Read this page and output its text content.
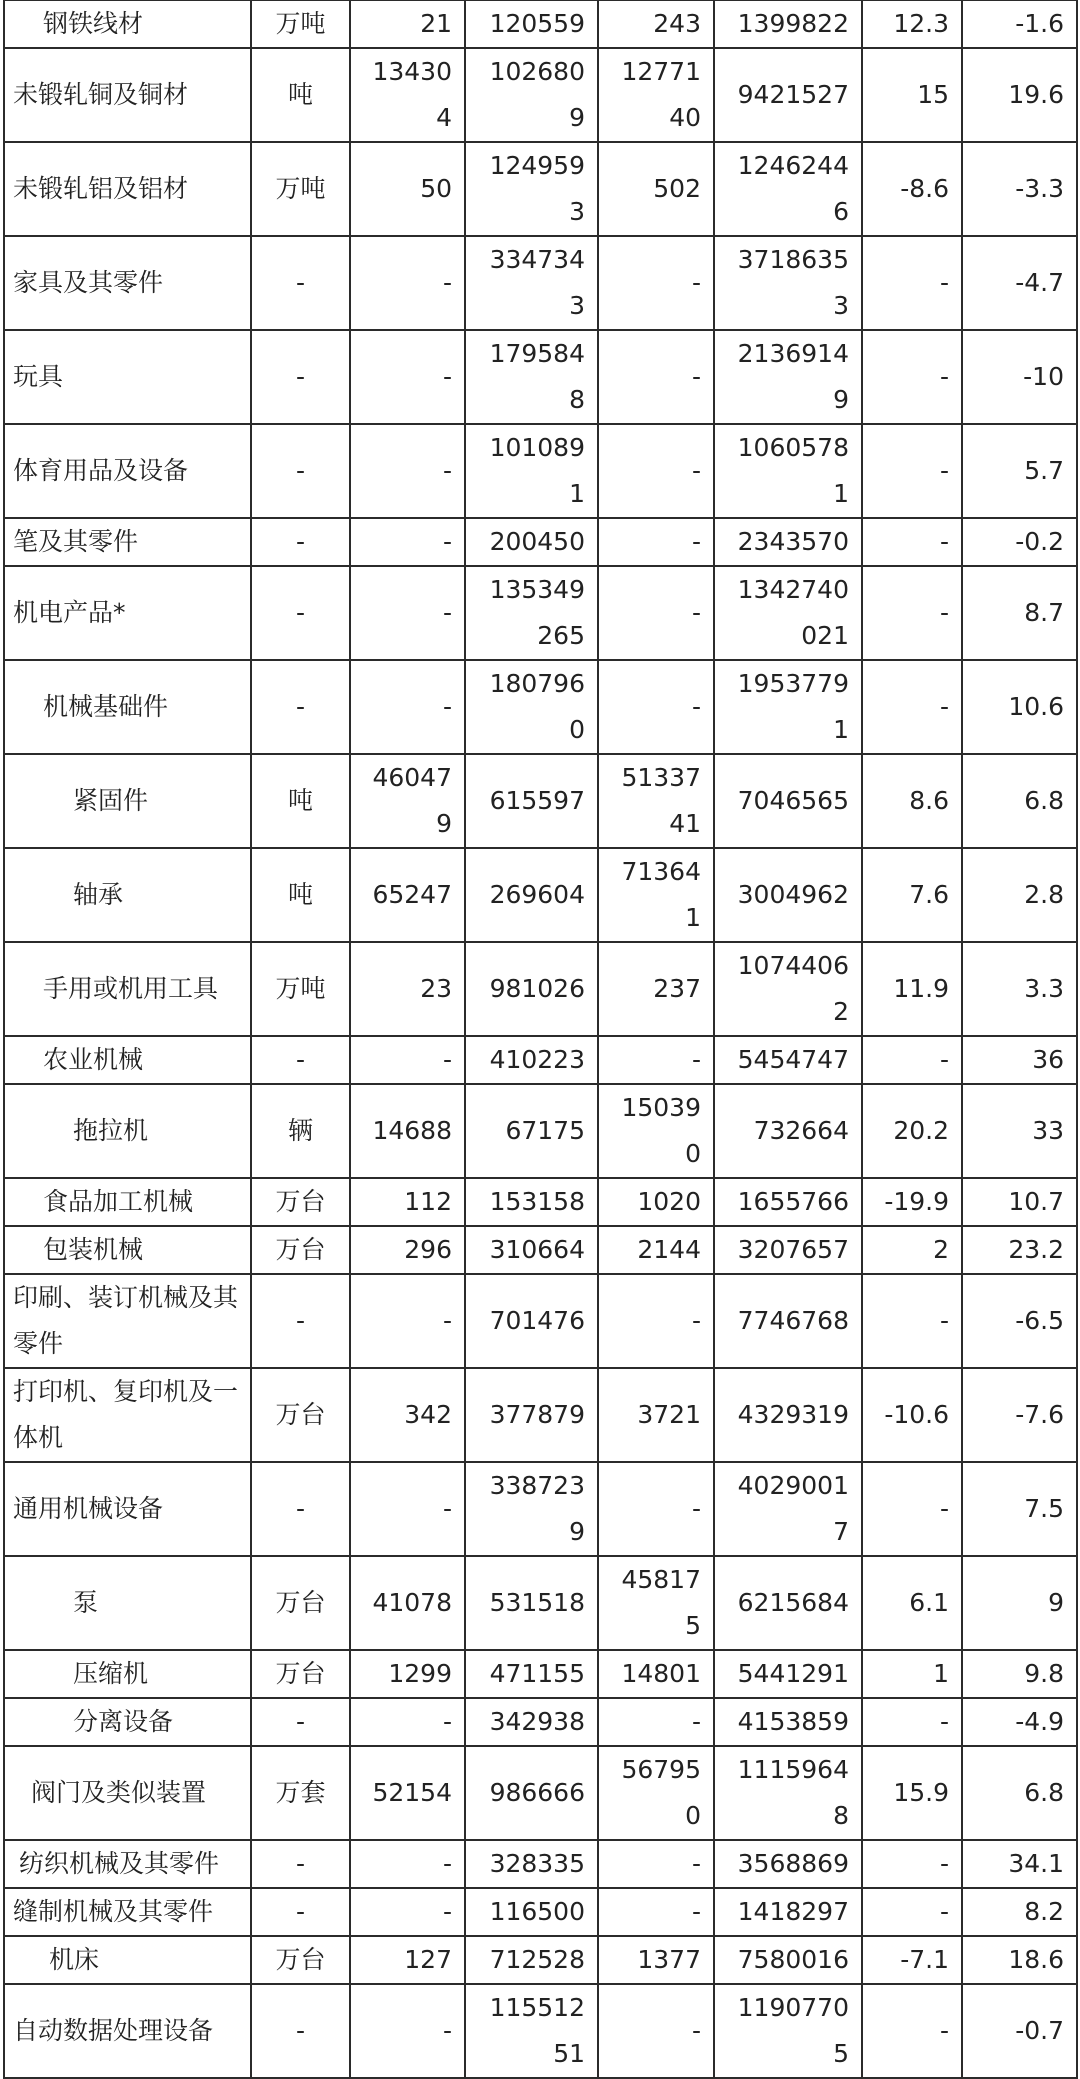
钢铁线材	万吨	21	120559	243	1399822	12.3	-1.6
未锻轧铜及铜材	吨	134304	1026809	1277140	9421527	15	19.6
未锻轧铝及铝材	万吨	50	1249593	502	12462446	-8.6	-3.3
家具及其零件	-	-	3347343	-	37186353	-	-4.7
玩具	-	-	1795848	-	21369149	-	-10
体育用品及设备	-	-	1010891	-	10605781	-	5.7
笔及其零件	-	-	200450	-	2343570	-	-0.2
机电产品*	-	-	135349265	-	1342740021	-	8.7
机械基础件	-	-	1807960	-	19537791	-	10.6
紧固件	吨	460479	615597	5133741	7046565	8.6	6.8
轴承	吨	65247	269604	713641	3004962	7.6	2.8
手用或机用工具	万吨	23	981026	237	10744062	11.9	3.3
农业机械	-	-	410223	-	5454747	-	36
拖拉机	辆	14688	67175	150390	732664	20.2	33
食品加工机械	万台	112	153158	1020	1655766	-19.9	10.7
包装机械	万台	296	310664	2144	3207657	2	23.2
印刷、装订机械及其零件	-	-	701476	-	7746768	-	-6.5
打印机、复印机及一体机	万台	342	377879	3721	4329319	-10.6	-7.6
通用机械设备	-	-	3387239	-	40290017	-	7.5
泵	万台	41078	531518	458175	6215684	6.1	9
压缩机	万台	1299	471155	14801	5441291	1	9.8
分离设备	-	-	342938	-	4153859	-	-4.9
阀门及类似装置	万套	52154	986666	567950	11159648	15.9	6.8
纺织机械及其零件	-	-	328335	-	3568869	-	34.1
缝制机械及其零件	-	-	116500	-	1418297	-	8.2
机床	万台	127	712528	1377	7580016	-7.1	18.6
自动数据处理设备	-	-	11551251	-	11907705	-	-0.7
